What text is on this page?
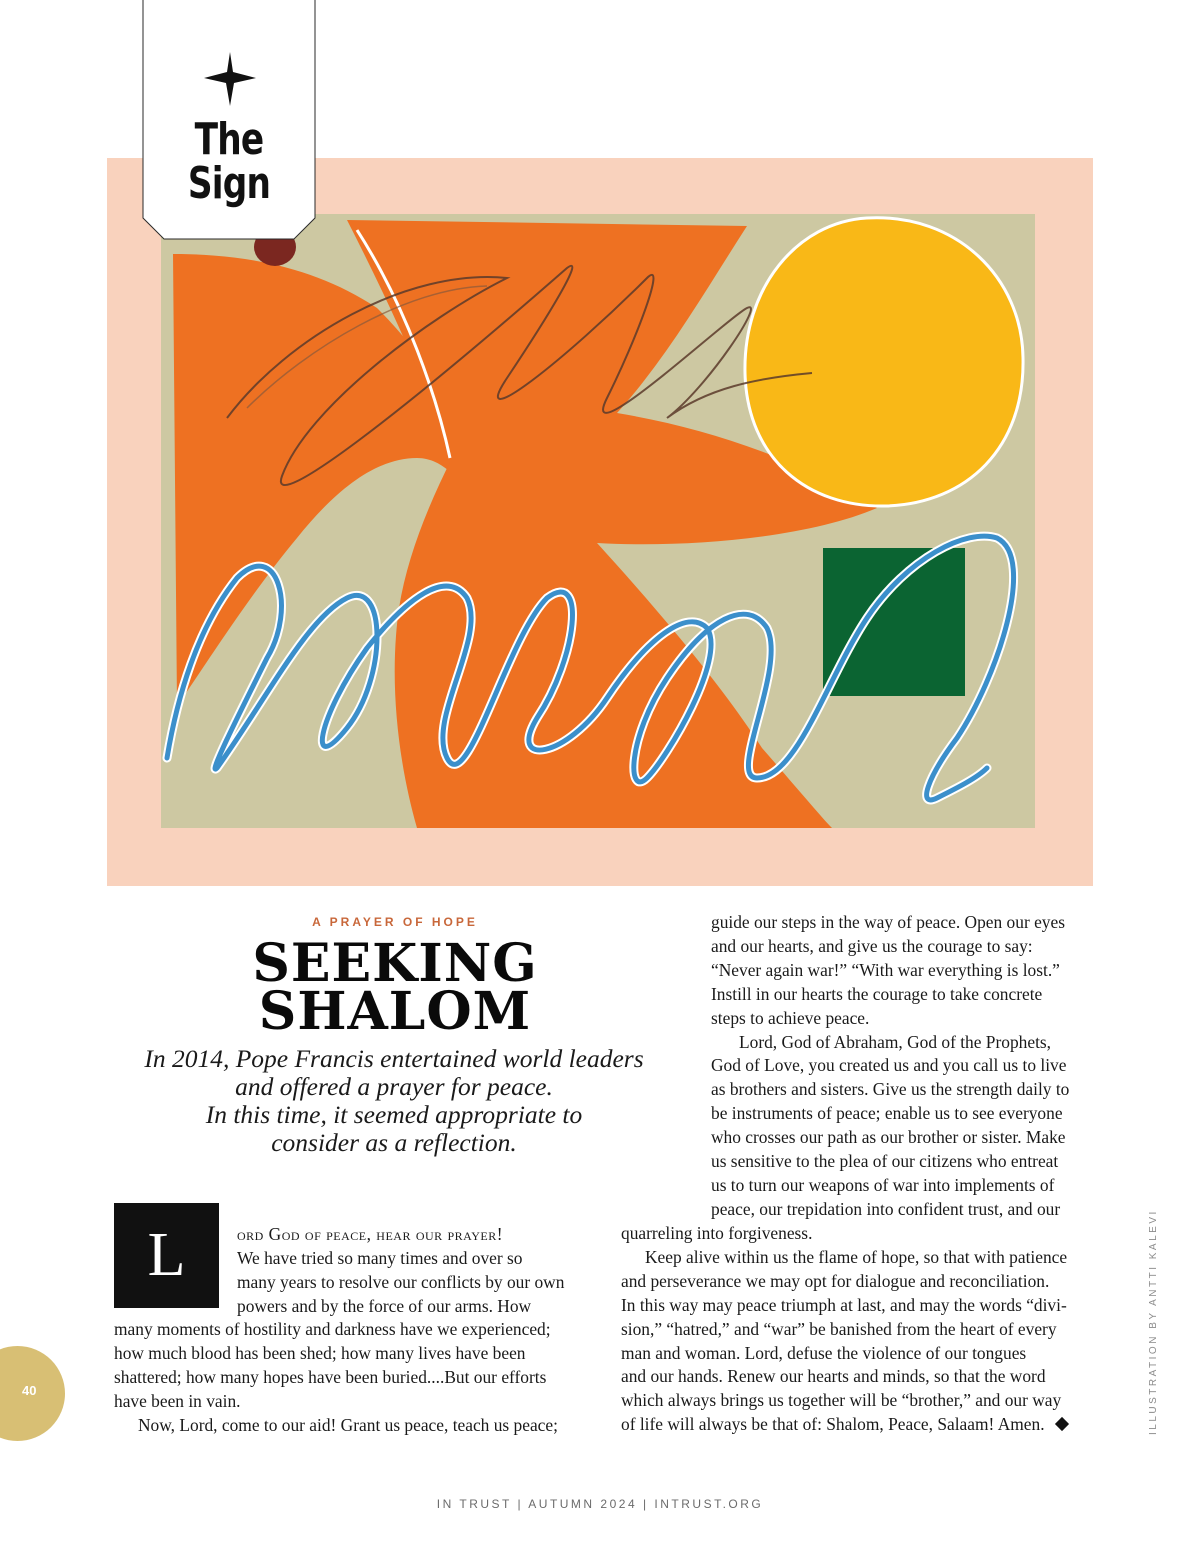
The
Sign
A PRAYER OF HOPE
SEEKING
SHALOM
In 2014, Pope Francis entertained world leaders
and offered a prayer for peace.
In this time, it seemed appropriate to
consider as a reflection.
L	ord God of peace, hear our prayer!
We have tried so many times and over so
many years to resolve our conflicts by our own
powers and by the force of our arms. How
many moments of hostility and darkness have we experienced;
how much blood has been shed; how many lives have been
shattered; how many hopes have been buried....But our efforts
have been in vain.
Now, Lord, come to our aid! Grant us peace, teach us peace;
guide our steps in the way of peace. Open our eyes
and our hearts, and give us the courage to say:
“Never again war!” “With war everything is lost.”
Instill in our hearts the courage to take concrete
steps to achieve peace.
Lord, God of Abraham, God of the Prophets,
God of Love, you created us and you call us to live
as brothers and sisters. Give us the strength daily to
be instruments of peace; enable us to see everyone
who crosses our path as our brother or sister. Make
us sensitive to the plea of our citizens who entreat
us to turn our weapons of war into implements of
peace, our trepidation into confident trust, and our
quarreling into forgiveness.
Keep alive within us the flame of hope, so that with patience
and perseverance we may opt for dialogue and reconciliation.
In this way may peace triumph at last, and may the words “divi-
sion,” “hatred,” and “war” be banished from the heart of every
man and woman. Lord, defuse the violence of our tongues
and our hands. Renew our hearts and minds, so that the word
which always brings us together will be “brother,” and our way
of life will always be that of: Shalom, Peace, Salaam! Amen.
40	ILLUSTRATION BY ANTTI KALEVI
IN TRUST | AUTUMN 2024 | INTRUST.ORG
